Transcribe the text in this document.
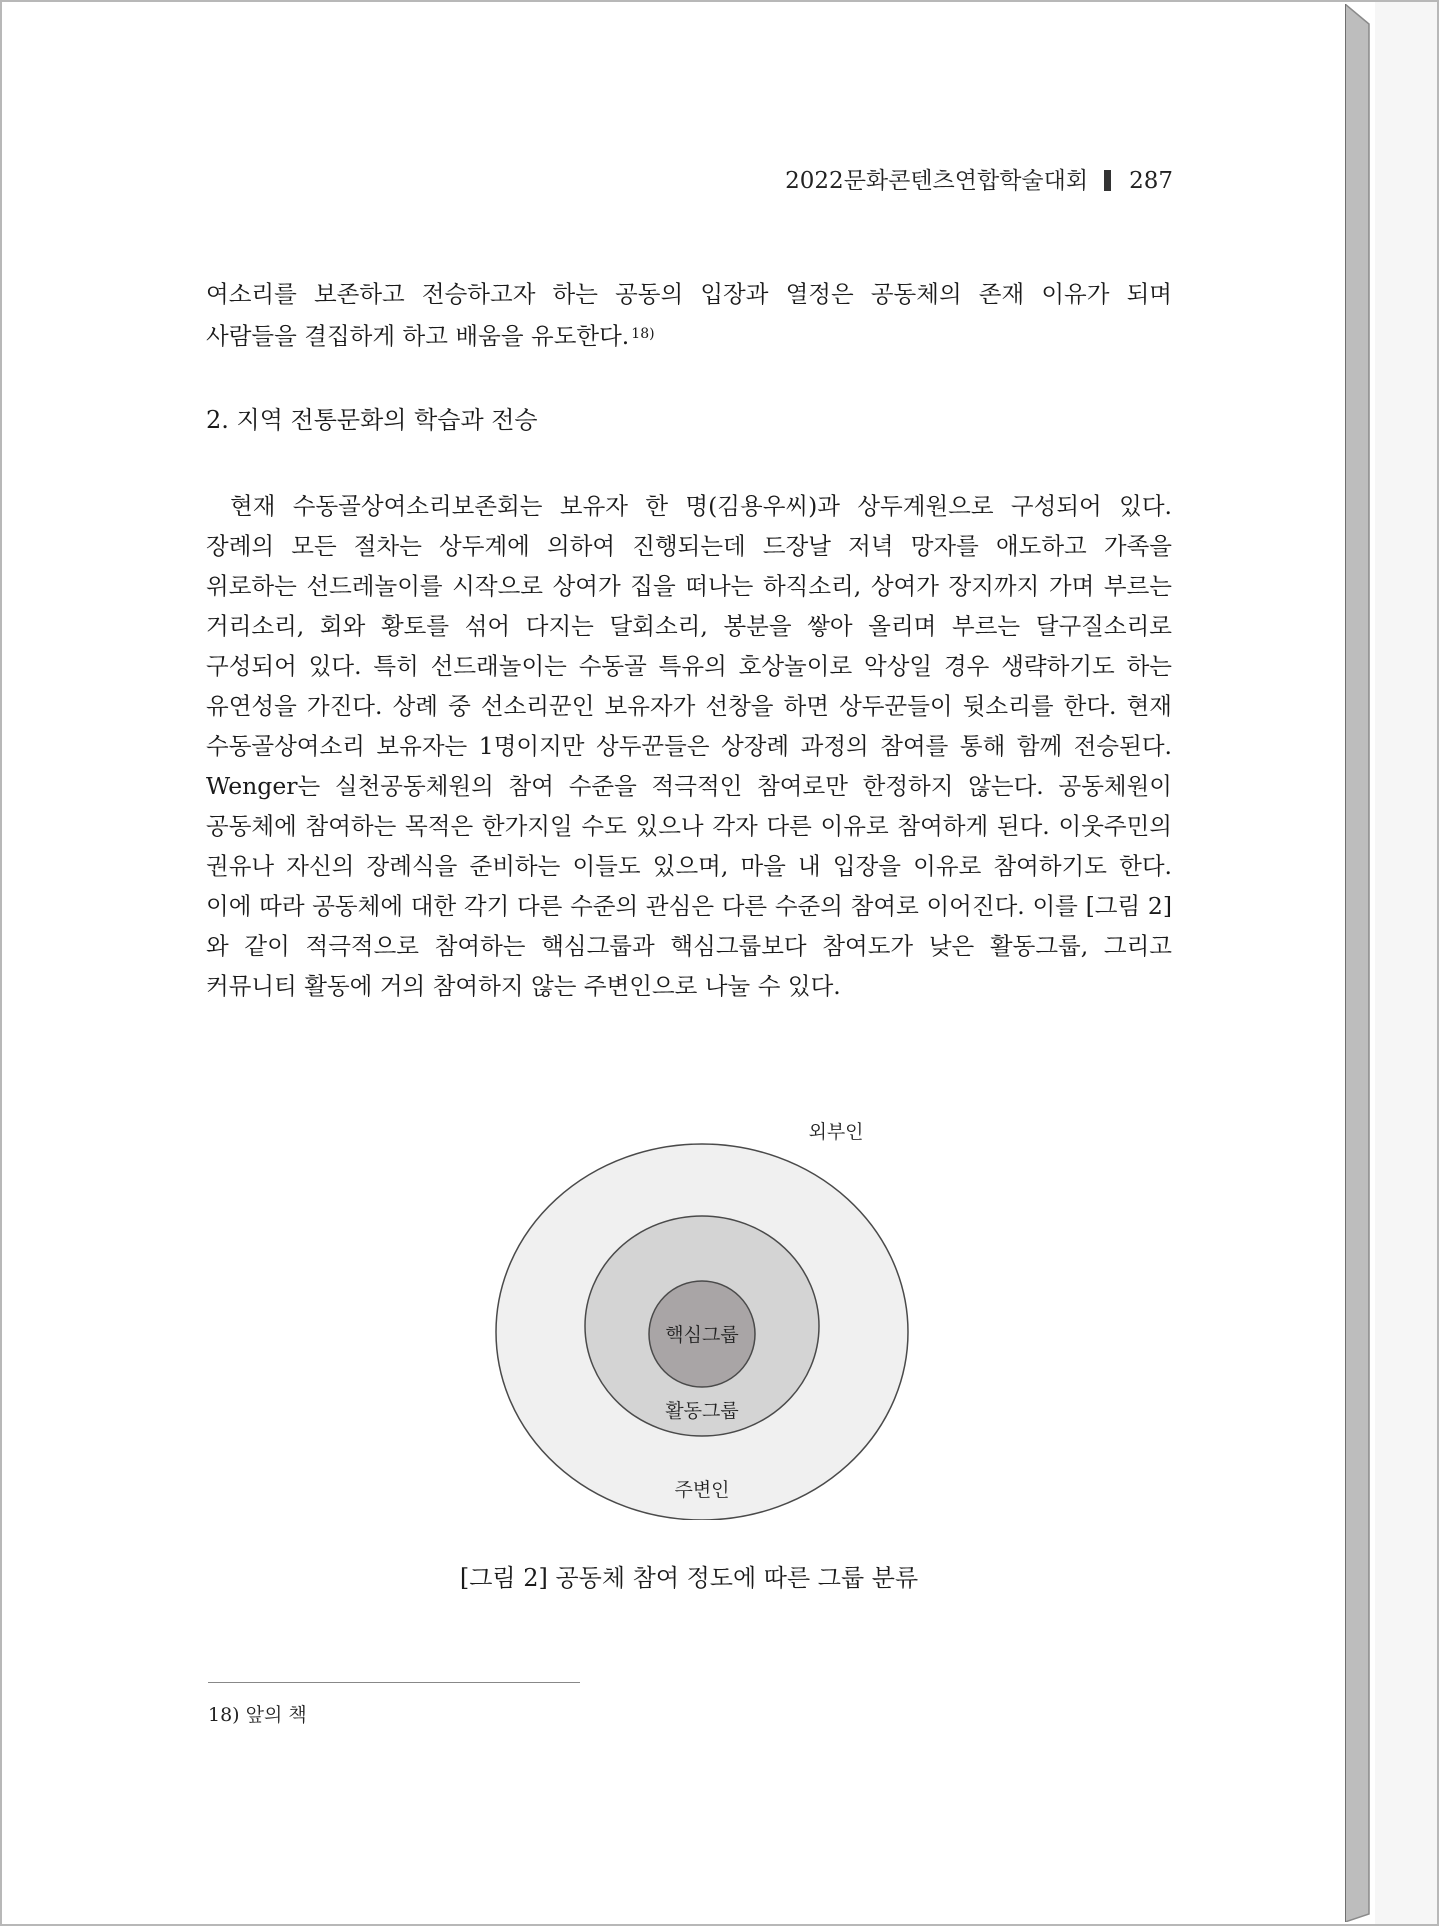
2022문화콘텐츠연합학술대회 287

여소리를 보존하고 전승하고자 하는 공동의 입장과 열정은 공동체의 존재 이유가 되며 사람들을 결집하게 하고 배움을 유도한다. $^{18)}$

2. 지역 전통문화의 학습과 전승

현재 수동골상여소리보존회는 보유자 한 명(김용우씨)과 상두계원으로 구성되어 있다. 장례의 모든 절차는 상두계에 의하여 진행되는데 드장날 저녁 망자를 애도하고 가족을 위로하는 선드레놀이를 시작으로 상여가 집을 떠나는 하직소리, 상여가 장지까지 가며 부르는 거리소리, 회와 황토를 섞어 다지는 달회소리, 봉분을 쌓아 올리며 부르는 달구질소리로 구성되어 있다. 특히 선드래놀이는 수동골 특유의 호상놀이로 악상일 경우 생략하기도 하는 유연성을 가진다. 상례 중 선소리꾼인 보유자가 선창을 하면 상두꾼들이 뒷소리를 한다. 현재 수동골상여소리 보유자는 1명이지만 상두꾼들은 상장례 과정의 참여를 통해 함께 전승된다. Wenger는 실천공동체원의 참여 수준을 적극적인 참여로만 한정하지 않는다. 공동체원이 공동체에 참여하는 목적은 한가지일 수도 있으나 각자 다른 이유로 참여하게 된다. 이웃주민의 권유나 자신의 장례식을 준비하는 이들도 있으며, 마을 내 입장을 이유로 참여하기도 한다. 이에 따라 공동체에 대한 각기 다른 수준의 관심은 다른 수준의 참여로 이어진다. 이를 [그림 2]와 같이 적극적으로 참여하는 핵심그룹과 핵심그룹보다 참여도가 낮은 활동그룹, 그리고 커뮤니티 활동에 거의 참여하지 않는 주변인으로 나눌 수 있다.

외부인
핵심그룹
활동그룹
주변인
[그림 2] 공동체 참여 정도에 따른 그룹 분류
18) 앞의 책
